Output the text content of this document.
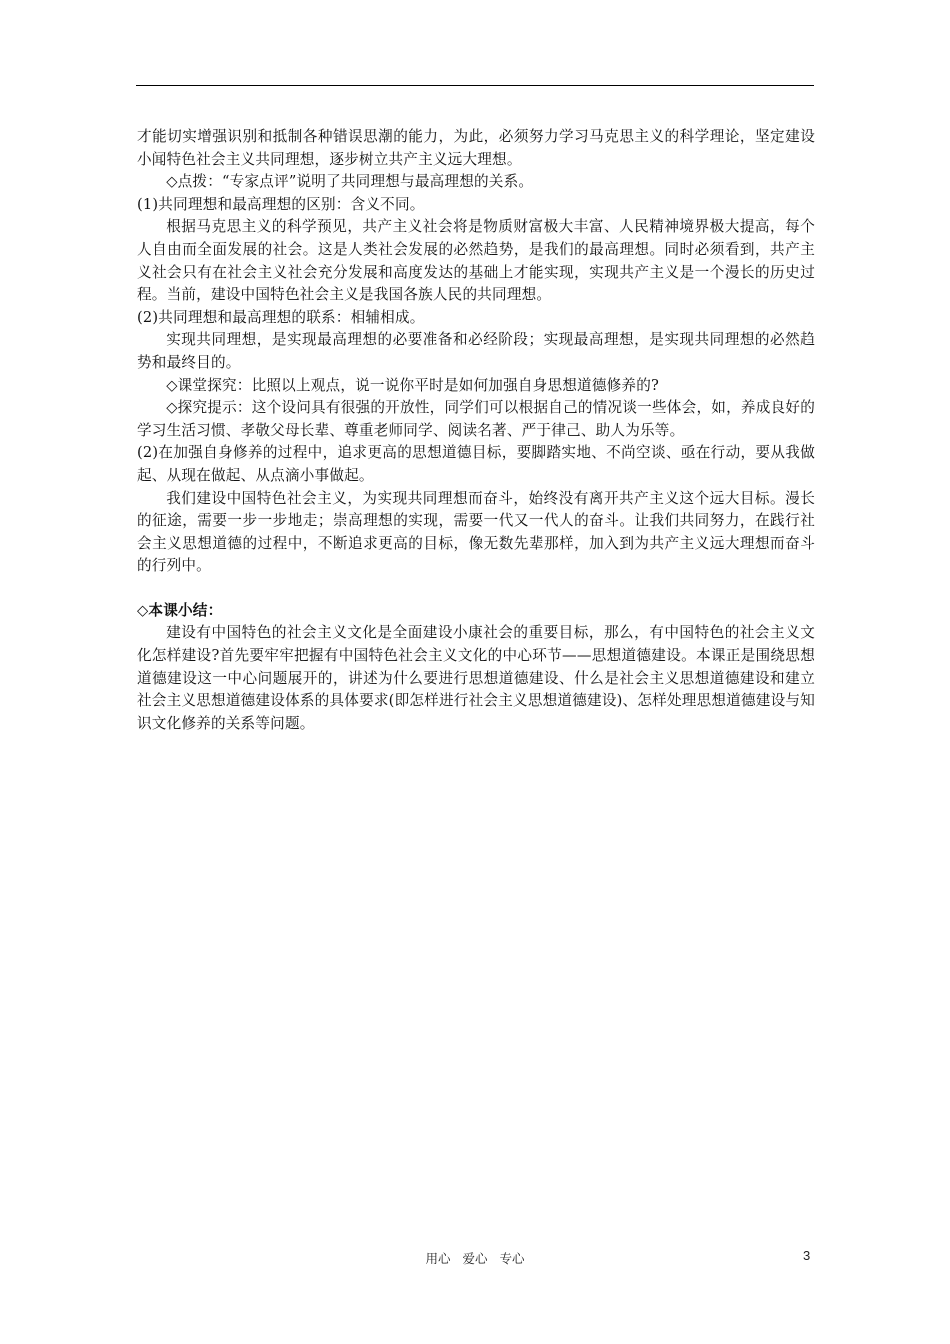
才能切实增强识别和抵制各种错误思潮的能力，为此，必须努力学习马克思主义的科学理论，坚定建设小闻特色社会主义共同理想，逐步树立共产主义远大理想。

◇点拨：“专家点评”说明了共同理想与最高理想的关系。

(1)共同理想和最高理想的区别：含义不同。

根据马克思主义的科学预见，共产主义社会将是物质财富极大丰富、人民精神境界极大提高，每个人自由而全面发展的社会。这是人类社会发展的必然趋势，是我们的最高理想。同时必须看到，共产主义社会只有在社会主义社会充分发展和高度发达的基础上才能实现，实现共产主义是一个漫长的历史过程。当前，建设中国特色社会主义是我国各族人民的共同理想。

(2)共同理想和最高理想的联系：相辅相成。

实现共同理想，是实现最高理想的必要准备和必经阶段；实现最高理想，是实现共同理想的必然趋势和最终目的。

◇课堂探究：比照以上观点，说一说你平时是如何加强自身思想道德修养的?

◇探究提示：这个设问具有很强的开放性，同学们可以根据自己的情况谈一些体会，如，养成良好的学习生活习惯、孝敬父母长辈、尊重老师同学、阅读名著、严于律己、助人为乐等。

(2)在加强自身修养的过程中，追求更高的思想道德目标，要脚踏实地、不尚空谈、亟在行动，要从我做起、从现在做起、从点滴小事做起。

我们建设中国特色社会主义，为实现共同理想而奋斗，始终没有离开共产主义这个远大目标。漫长的征途，需要一步一步地走；崇高理想的实现，需要一代又一代人的奋斗。让我们共同努力，在践行社会主义思想道德的过程中，不断追求更高的目标，像无数先辈那样，加入到为共产主义远大理想而奋斗的行列中。

◇本课小结：

建设有中国特色的社会主义文化是全面建设小康社会的重要目标，那么，有中国特色的社会主义文化怎样建设?首先要牢牢把握有中国特色社会主义文化的中心环节——思想道德建设。本课正是围绕思想道德建设这一中心问题展开的，讲述为什么要进行思想道德建设、什么是社会主义思想道德建设和建立社会主义思想道德建设体系的具体要求(即怎样进行社会主义思想道德建设)、怎样处理思想道德建设与知识文化修养的关系等问题。

用心 爱心 专心	3
